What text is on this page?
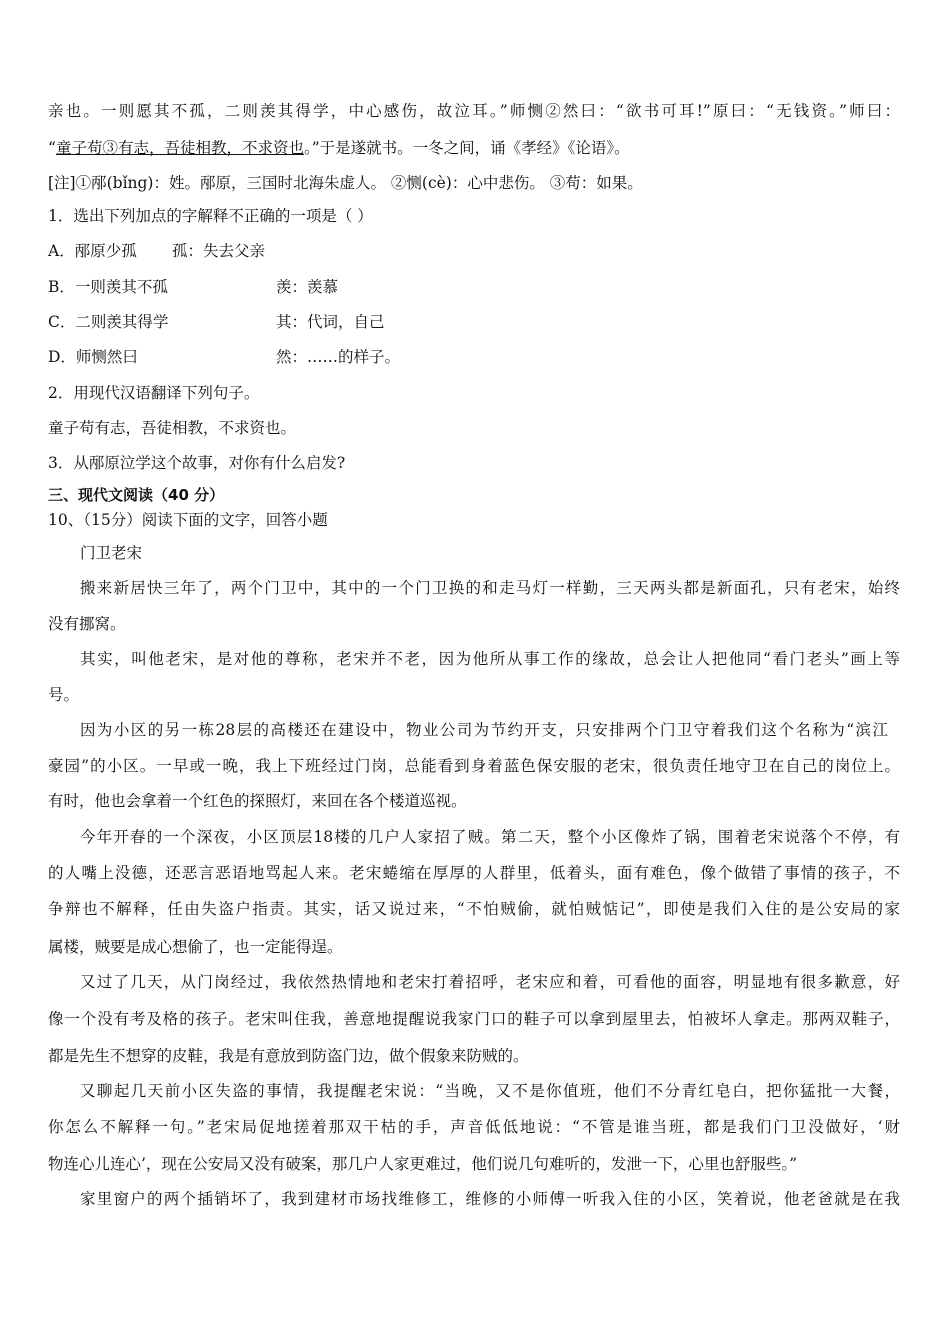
亲也。一则愿其不孤，二则羡其得学，中心感伤，故泣耳。”师恻②然曰：“欲书可耳!”原曰：“无钱资。”师曰：
“童子苟③有志，吾徒相教，不求资也。”于是遂就书。一冬之间，诵《孝经》《论语》。
[注]①邴(bǐng)：姓。邴原，三国时北海朱虚人。 ②恻(cè)：心中悲伤。 ③苟：如果。
1．选出下列加点的字解释不正确的一项是（ ）
A．邴原少孤 孤：失去父亲
B．一则羡其不孤	羡：羡慕
C．二则羡其得学	其：代词，自己
D．师恻然曰	然：……的样子。
2．用现代汉语翻译下列句子。
童子苟有志，吾徒相教，不求资也。
3．从邴原泣学这个故事，对你有什么启发?
三、现代文阅读（40 分）
10、（15分）阅读下面的文字，回答小题
门卫老宋
搬来新居快三年了，两个门卫中，其中的一个门卫换的和走马灯一样勤，三天两头都是新面孔，只有老宋，始终
没有挪窝。
其实，叫他老宋，是对他的尊称，老宋并不老，因为他所从事工作的缘故，总会让人把他同“看门老头”画上等
号。
因为小区的另一栋28层的高楼还在建设中，物业公司为节约开支，只安排两个门卫守着我们这个名称为“滨江
豪园”的小区。一早或一晚，我上下班经过门岗，总能看到身着蓝色保安服的老宋，很负责任地守卫在自己的岗位上。
有时，他也会拿着一个红色的探照灯，来回在各个楼道巡视。
今年开春的一个深夜，小区顶层18楼的几户人家招了贼。第二天，整个小区像炸了锅，围着老宋说落个不停，有
的人嘴上没德，还恶言恶语地骂起人来。老宋蜷缩在厚厚的人群里，低着头，面有难色，像个做错了事情的孩子，不
争辩也不解释，任由失盗户指责。其实，话又说过来，“不怕贼偷，就怕贼惦记”，即使是我们入住的是公安局的家
属楼，贼要是成心想偷了，也一定能得逞。
又过了几天，从门岗经过，我依然热情地和老宋打着招呼，老宋应和着，可看他的面容，明显地有很多歉意，好
像一个没有考及格的孩子。老宋叫住我，善意地提醒说我家门口的鞋子可以拿到屋里去，怕被坏人拿走。那两双鞋子，
都是先生不想穿的皮鞋，我是有意放到防盗门边，做个假象来防贼的。
又聊起几天前小区失盗的事情，我提醒老宋说：“当晚，又不是你值班，他们不分青红皂白，把你猛批一大餐，
你怎么不解释一句。”老宋局促地搓着那双干枯的手，声音低低地说：“不管是谁当班，都是我们门卫没做好，‘财
物连心儿连心’，现在公安局又没有破案，那几户人家更难过，他们说几句难听的，发泄一下，心里也舒服些。”
家里窗户的两个插销坏了，我到建材市场找维修工，维修的小师傅一听我入住的小区，笑着说，他老爸就是在我
